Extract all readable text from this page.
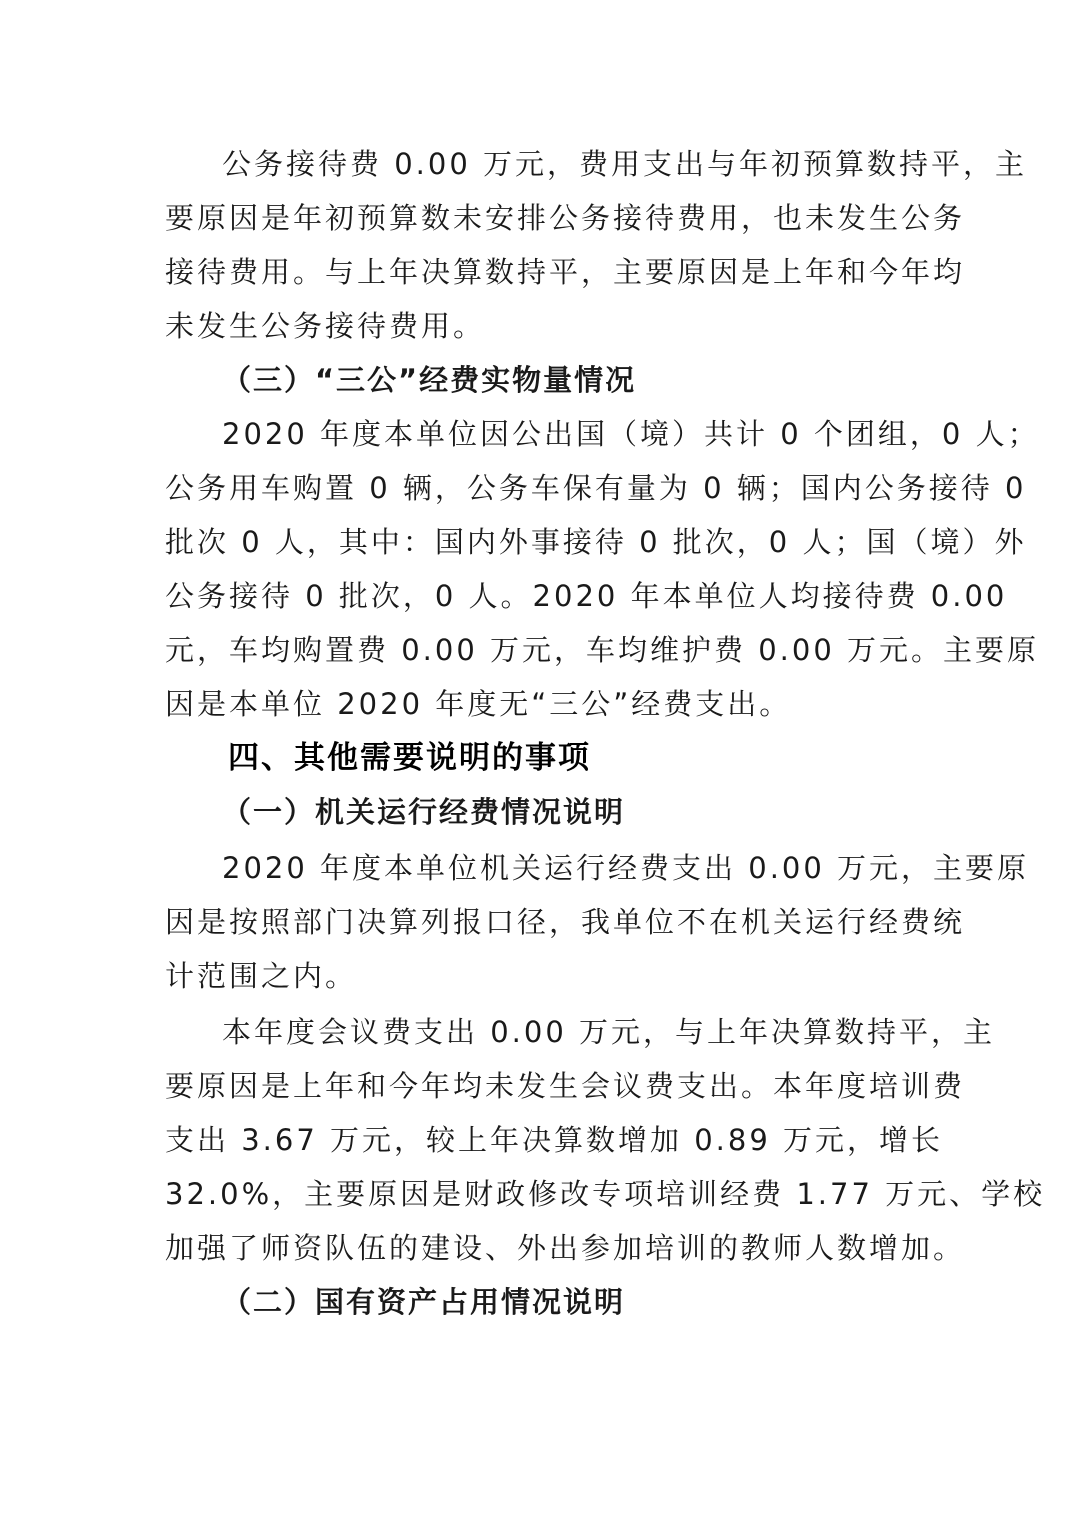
公务接待费 0.00 万元，费用支出与年初预算数持平，主
要原因是年初预算数未安排公务接待费用，也未发生公务
接待费用。与上年决算数持平，主要原因是上年和今年均
未发生公务接待费用。
（三）“三公”经费实物量情况
2020 年度本单位因公出国（境）共计 0 个团组，0 人；
公务用车购置 0 辆，公务车保有量为 0 辆；国内公务接待 0
批次 0 人，其中：国内外事接待 0 批次，0 人；国（境）外
公务接待 0 批次，0 人。2020 年本单位人均接待费 0.00
元，车均购置费 0.00 万元，车均维护费 0.00 万元。主要原
因是本单位 2020 年度无“三公”经费支出。
四、其他需要说明的事项
（一）机关运行经费情况说明
2020 年度本单位机关运行经费支出 0.00 万元，主要原
因是按照部门决算列报口径，我单位不在机关运行经费统
计范围之内。
本年度会议费支出 0.00 万元，与上年决算数持平，主
要原因是上年和今年均未发生会议费支出。本年度培训费
支出 3.67 万元，较上年决算数增加 0.89 万元，增长
32.0%，主要原因是财政修改专项培训经费 1.77 万元、学校
加强了师资队伍的建设、外出参加培训的教师人数增加。
（二）国有资产占用情况说明
